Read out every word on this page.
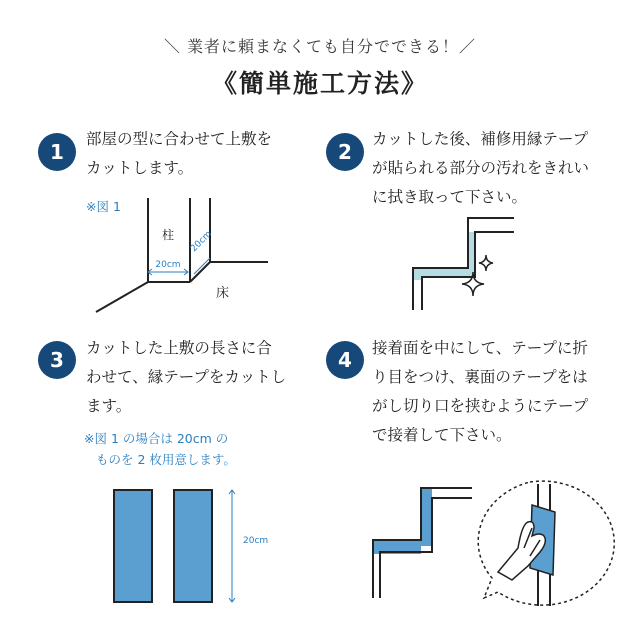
＼ 業者に頼まなくても自分でできる！／
《簡単施工方法》
1
部屋の型に合わせて上敷を
カットします。
2
カットした後、補修用縁テープ
が貼られる部分の汚れをきれい
に拭き取って下さい。
3	カットした上敷の長さに合
わせて、縁テープをカットし
ます。
4	接着面を中にして、テープに折
り目をつけ、裏面のテープをは
がし切り口を挟むようにテープ
で接着して下さい。
※図 1 の場合は 20cm の
ものを 2 枚用意します。
※図 1
柱
床
20cm
20cm
20cm
